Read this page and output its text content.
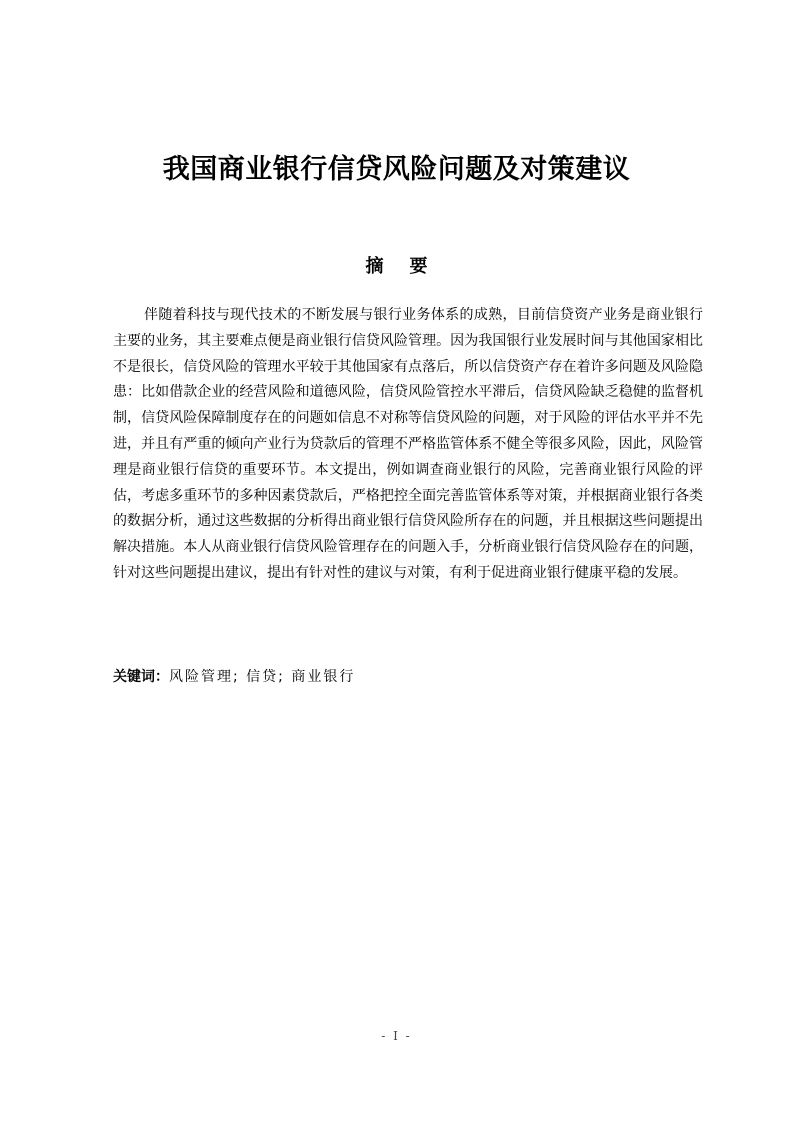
我国商业银行信贷风险问题及对策建议
摘要

伴随着科技与现代技术的不断发展与银行业务体系的成熟，目前信贷资产业务是商业银行主要的业务，其主要难点便是商业银行信贷风险管理。因为我国银行业发展时间与其他国家相比不是很长，信贷风险的管理水平较于其他国家有点落后，所以信贷资产存在着许多问题及风险隐患：比如借款企业的经营风险和道德风险，信贷风险管控水平滞后，信贷风险缺乏稳健的监督机制，信贷风险保障制度存在的问题如信息不对称等信贷风险的问题，对于风险的评估水平并不先进，并且有严重的倾向产业行为贷款后的管理不严格监管体系不健全等很多风险，因此，风险管理是商业银行信贷的重要环节。本文提出，例如调查商业银行的风险，完善商业银行风险的评估，考虑多重环节的多种因素贷款后，严格把控全面完善监管体系等对策，并根据商业银行各类的数据分析，通过这些数据的分析得出商业银行信贷风险所存在的问题，并且根据这些问题提出解决措施。本人从商业银行信贷风险管理存在的问题入手，分析商业银行信贷风险存在的问题，针对这些问题提出建议，提出有针对性的建议与对策，有利于促进商业银行健康平稳的发展。

关键词：风险管理; 信贷; 商业银行
- I -
